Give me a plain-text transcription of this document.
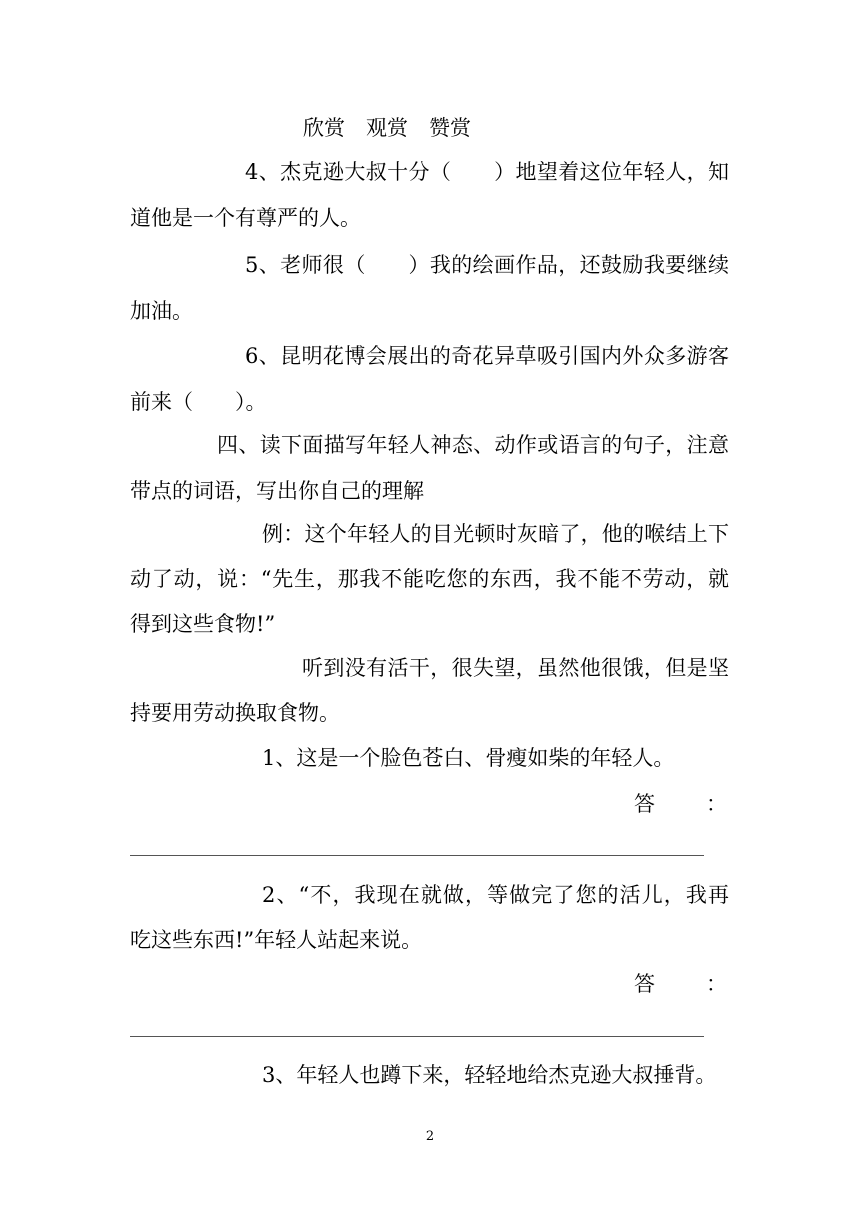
欣赏　观赏　赞赏
4、杰克逊大叔十分（　　）地望着这位年轻人，知
道他是一个有尊严的人。
5、老师很（　　）我的绘画作品，还鼓励我要继续
加油。
6、昆明花博会展出的奇花异草吸引国内外众多游客
前来（　　）。
四、读下面描写年轻人神态、动作或语言的句子，注意
带点的词语，写出你自己的理解
例：这个年轻人的目光顿时灰暗了，他的喉结上下
动了动，说：“先生，那我不能吃您的东西，我不能不劳动，就
得到这些食物!”
听到没有活干，很失望，虽然他很饿，但是坚
持要用劳动换取食物。
1、这是一个脸色苍白、骨瘦如柴的年轻人。
答 ：
2、“不，我现在就做，等做完了您的活儿，我再
吃这些东西!”年轻人站起来说。
答 ：
3、年轻人也蹲下来，轻轻地给杰克逊大叔捶背。
2
